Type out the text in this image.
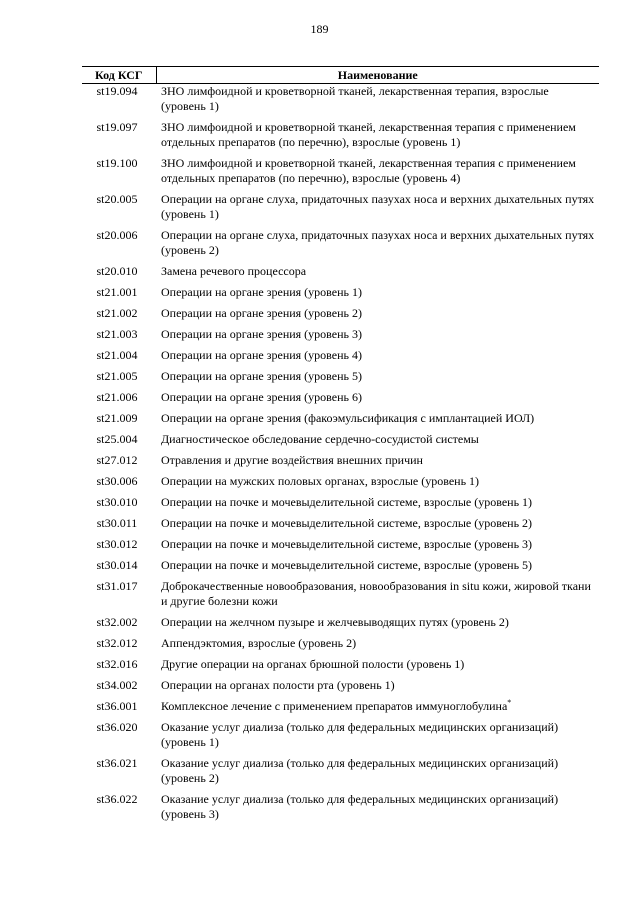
189
Код КСГ	Наименование
st19.094	ЗНО лимфоидной и кроветворной тканей, лекарственная терапия, взрослые (уровень 1)
st19.097	ЗНО лимфоидной и кроветворной тканей, лекарственная терапия с применением отдельных препаратов (по перечню), взрослые (уровень 1)
st19.100	ЗНО лимфоидной и кроветворной тканей, лекарственная терапия с применением отдельных препаратов (по перечню), взрослые (уровень 4)
st20.005	Операции на органе слуха, придаточных пазухах носа и верхних дыхательных путях (уровень 1)
st20.006	Операции на органе слуха, придаточных пазухах носа и верхних дыхательных путях (уровень 2)
st20.010	Замена речевого процессора
st21.001	Операции на органе зрения (уровень 1)
st21.002	Операции на органе зрения (уровень 2)
st21.003	Операции на органе зрения (уровень 3)
st21.004	Операции на органе зрения (уровень 4)
st21.005	Операции на органе зрения (уровень 5)
st21.006	Операции на органе зрения (уровень 6)
st21.009	Операции на органе зрения (факоэмульсификация с имплантацией ИОЛ)
st25.004	Диагностическое обследование сердечно-сосудистой системы
st27.012	Отравления и другие воздействия внешних причин
st30.006	Операции на мужских половых органах, взрослые (уровень 1)
st30.010	Операции на почке и мочевыделительной системе, взрослые (уровень 1)
st30.011	Операции на почке и мочевыделительной системе, взрослые (уровень 2)
st30.012	Операции на почке и мочевыделительной системе, взрослые (уровень 3)
st30.014	Операции на почке и мочевыделительной системе, взрослые (уровень 5)
st31.017	Доброкачественные новообразования, новообразования in situ кожи, жировой ткани и другие болезни кожи
st32.002	Операции на желчном пузыре и желчевыводящих путях (уровень 2)
st32.012	Аппендэктомия, взрослые (уровень 2)
st32.016	Другие операции на органах брюшной полости (уровень 1)
st34.002	Операции на органах полости рта (уровень 1)
st36.001	Комплексное лечение с применением препаратов иммуноглобулина*
st36.020	Оказание услуг диализа (только для федеральных медицинских организаций) (уровень 1)
st36.021	Оказание услуг диализа (только для федеральных медицинских организаций) (уровень 2)
st36.022	Оказание услуг диализа (только для федеральных медицинских организаций) (уровень 3)
